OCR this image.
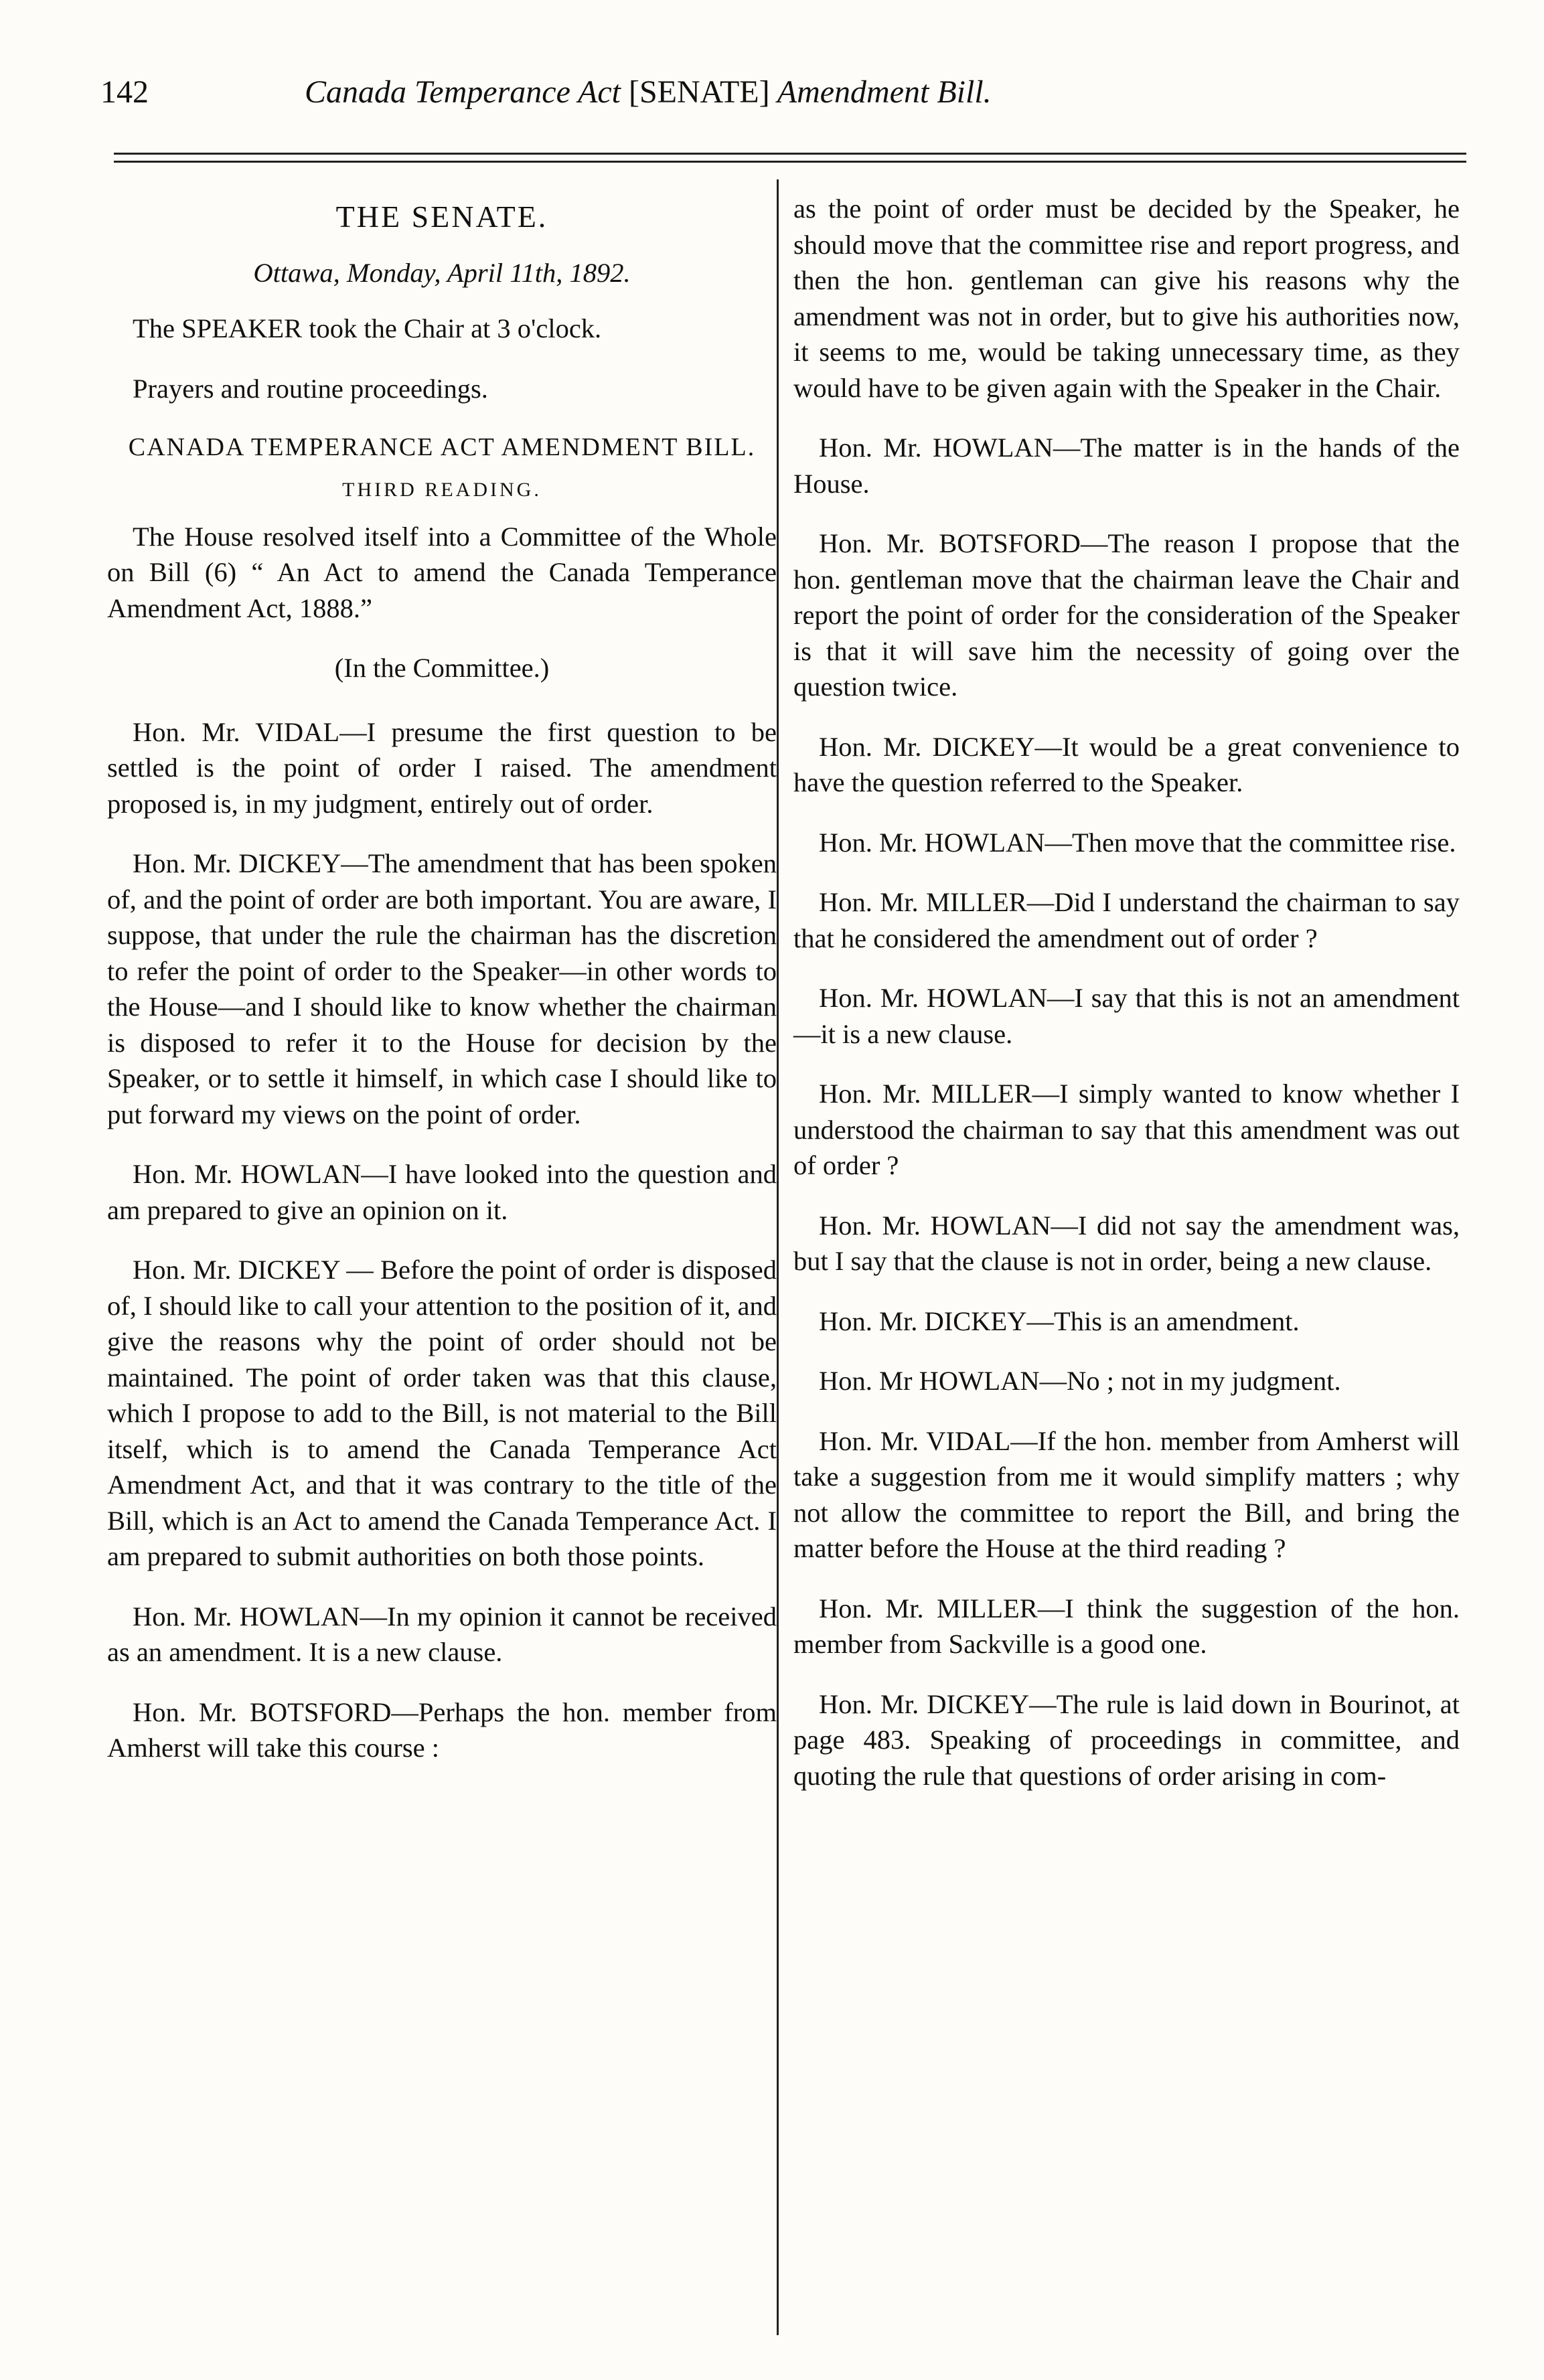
142	Canada Temperance Act [SENATE] Amendment Bill.

THE SENATE.

Ottawa, Monday, April 11th, 1892.

The SPEAKER took the Chair at 3 o'clock.

Prayers and routine proceedings.

CANADA TEMPERANCE ACT AMENDMENT BILL.

THIRD READING.

The House resolved itself into a Committee of the Whole on Bill (6) “ An Act to amend the Canada Temperance Amendment Act, 1888.”

(In the Committee.)

Hon. Mr. VIDAL—I presume the first question to be settled is the point of order I raised. The amendment proposed is, in my judgment, entirely out of order.

Hon. Mr. DICKEY—The amendment that has been spoken of, and the point of order are both important. You are aware, I suppose, that under the rule the chairman has the discretion to refer the point of order to the Speaker—in other words to the House—and I should like to know whether the chairman is disposed to refer it to the House for decision by the Speaker, or to settle it himself, in which case I should like to put forward my views on the point of order.

Hon. Mr. HOWLAN—I have looked into the question and am prepared to give an opinion on it.

Hon. Mr. DICKEY — Before the point of order is disposed of, I should like to call your attention to the position of it, and give the reasons why the point of order should not be maintained. The point of order taken was that this clause, which I propose to add to the Bill, is not material to the Bill itself, which is to amend the Canada Temperance Act Amendment Act, and that it was contrary to the title of the Bill, which is an Act to amend the Canada Temperance Act. I am prepared to submit authorities on both those points.

Hon. Mr. HOWLAN—In my opinion it cannot be received as an amendment. It is a new clause.

Hon. Mr. BOTSFORD—Perhaps the hon. member from Amherst will take this course :

as the point of order must be decided by the Speaker, he should move that the committee rise and report progress, and then the hon. gentleman can give his reasons why the amendment was not in order, but to give his authorities now, it seems to me, would be taking unnecessary time, as they would have to be given again with the Speaker in the Chair.

Hon. Mr. HOWLAN—The matter is in the hands of the House.

Hon. Mr. BOTSFORD—The reason I propose that the hon. gentleman move that the chairman leave the Chair and report the point of order for the consideration of the Speaker is that it will save him the necessity of going over the question twice.

Hon. Mr. DICKEY—It would be a great convenience to have the question referred to the Speaker.

Hon. Mr. HOWLAN—Then move that the committee rise.

Hon. Mr. MILLER—Did I understand the chairman to say that he considered the amendment out of order ?

Hon. Mr. HOWLAN—I say that this is not an amendment—it is a new clause.

Hon. Mr. MILLER—I simply wanted to know whether I understood the chairman to say that this amendment was out of order ?

Hon. Mr. HOWLAN—I did not say the amendment was, but I say that the clause is not in order, being a new clause.

Hon. Mr. DICKEY—This is an amendment.

Hon. Mr HOWLAN—No ; not in my judgment.

Hon. Mr. VIDAL—If the hon. member from Amherst will take a suggestion from me it would simplify matters ; why not allow the committee to report the Bill, and bring the matter before the House at the third reading ?

Hon. Mr. MILLER—I think the suggestion of the hon. member from Sackville is a good one.

Hon. Mr. DICKEY—The rule is laid down in Bourinot, at page 483. Speaking of proceedings in committee, and quoting the rule that questions of order arising in com-
